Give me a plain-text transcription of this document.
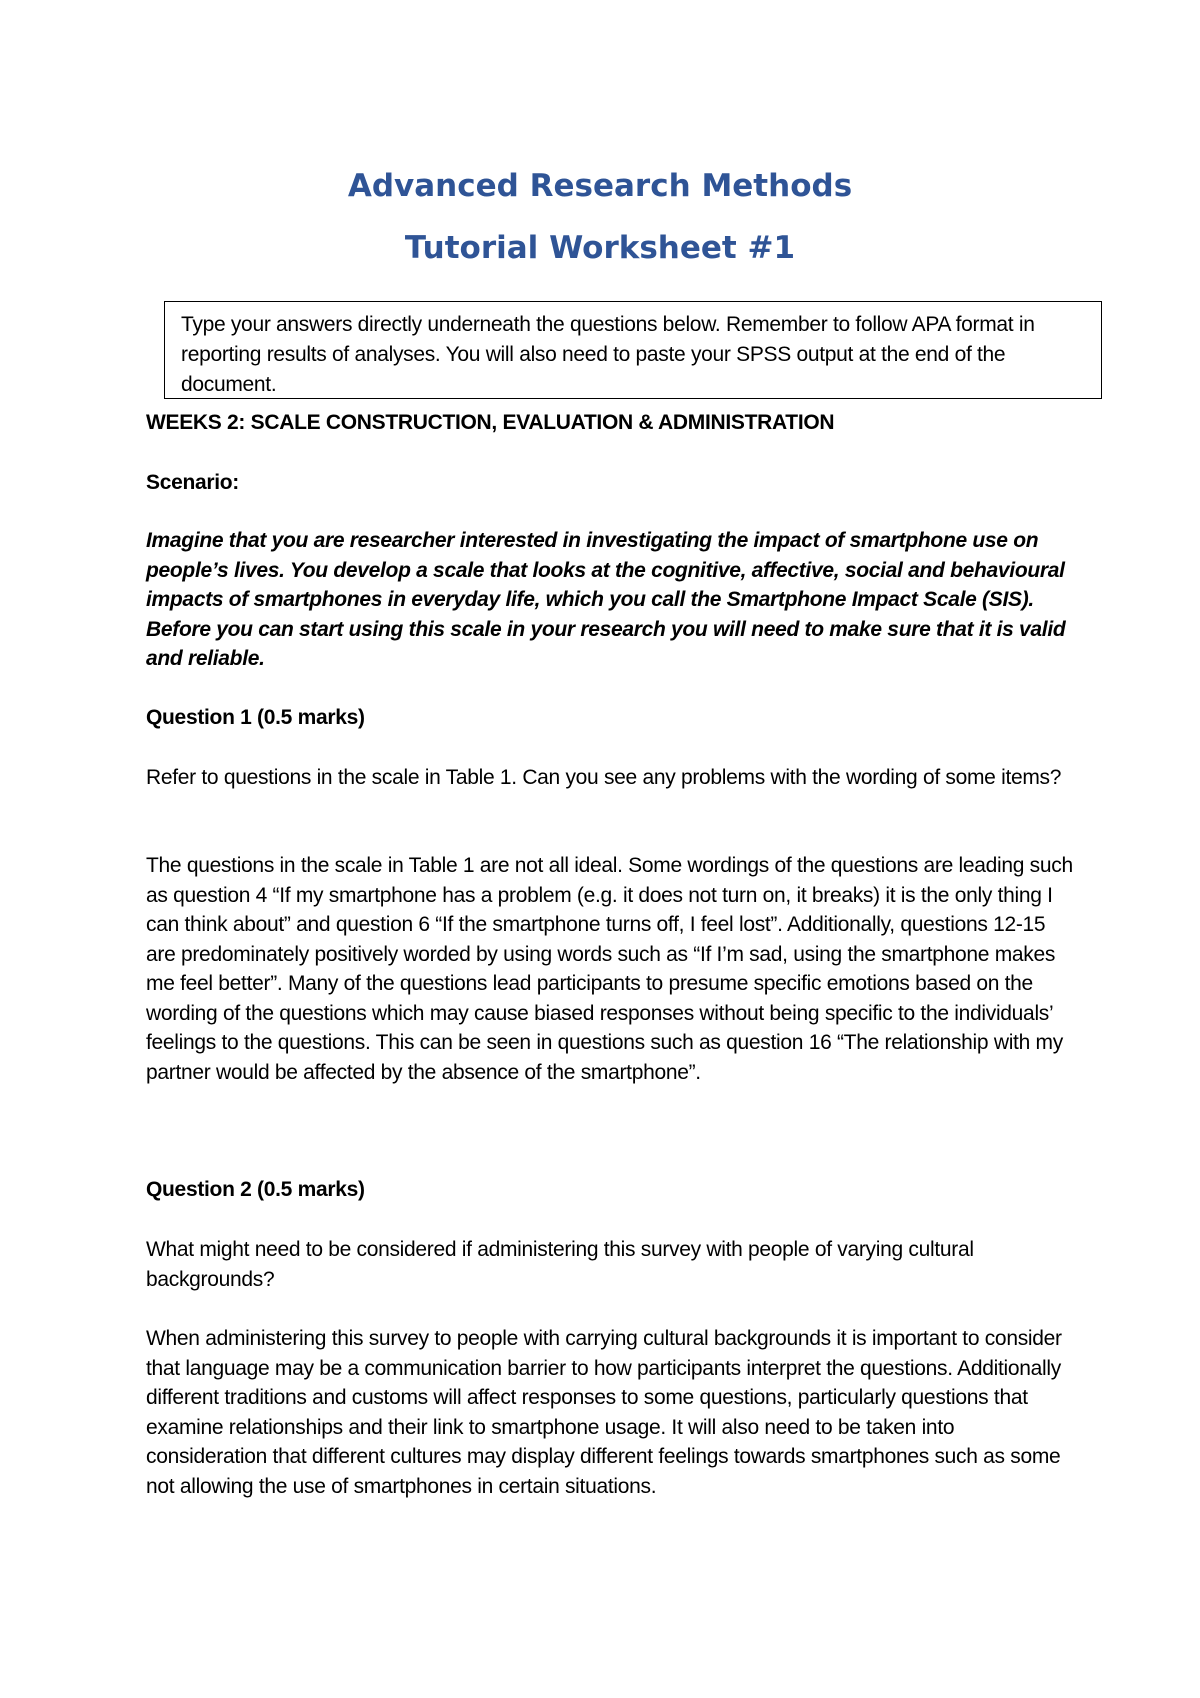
Advanced Research Methods
Tutorial Worksheet #1
Type your answers directly underneath the questions below. Remember to follow APA format in reporting results of analyses. You will also need to paste your SPSS output at the end of the document.

WEEKS 2: SCALE CONSTRUCTION, EVALUATION & ADMINISTRATION

Scenario:

Imagine that you are researcher interested in investigating the impact of smartphone use on people’s lives. You develop a scale that looks at the cognitive, affective, social and behavioural impacts of smartphones in everyday life, which you call the Smartphone Impact Scale (SIS). Before you can start using this scale in your research you will need to make sure that it is valid and reliable.

Question 1 (0.5 marks)

Refer to questions in the scale in Table 1. Can you see any problems with the wording of some items?

The questions in the scale in Table 1 are not all ideal. Some wordings of the questions are leading such as question 4 “If my smartphone has a problem (e.g. it does not turn on, it breaks) it is the only thing I can think about” and question 6 “If the smartphone turns off, I feel lost”. Additionally, questions 12-15 are predominately positively worded by using words such as “If I’m sad, using the smartphone makes me feel better”. Many of the questions lead participants to presume specific emotions based on the wording of the questions which may cause biased responses without being specific to the individuals’ feelings to the questions. This can be seen in questions such as question 16 “The relationship with my partner would be affected by the absence of the smartphone”.

Question 2 (0.5 marks)

What might need to be considered if administering this survey with people of varying cultural backgrounds?

When administering this survey to people with carrying cultural backgrounds it is important to consider that language may be a communication barrier to how participants interpret the questions. Additionally different traditions and customs will affect responses to some questions, particularly questions that examine relationships and their link to smartphone usage. It will also need to be taken into consideration that different cultures may display different feelings towards smartphones such as some not allowing the use of smartphones in certain situations.
